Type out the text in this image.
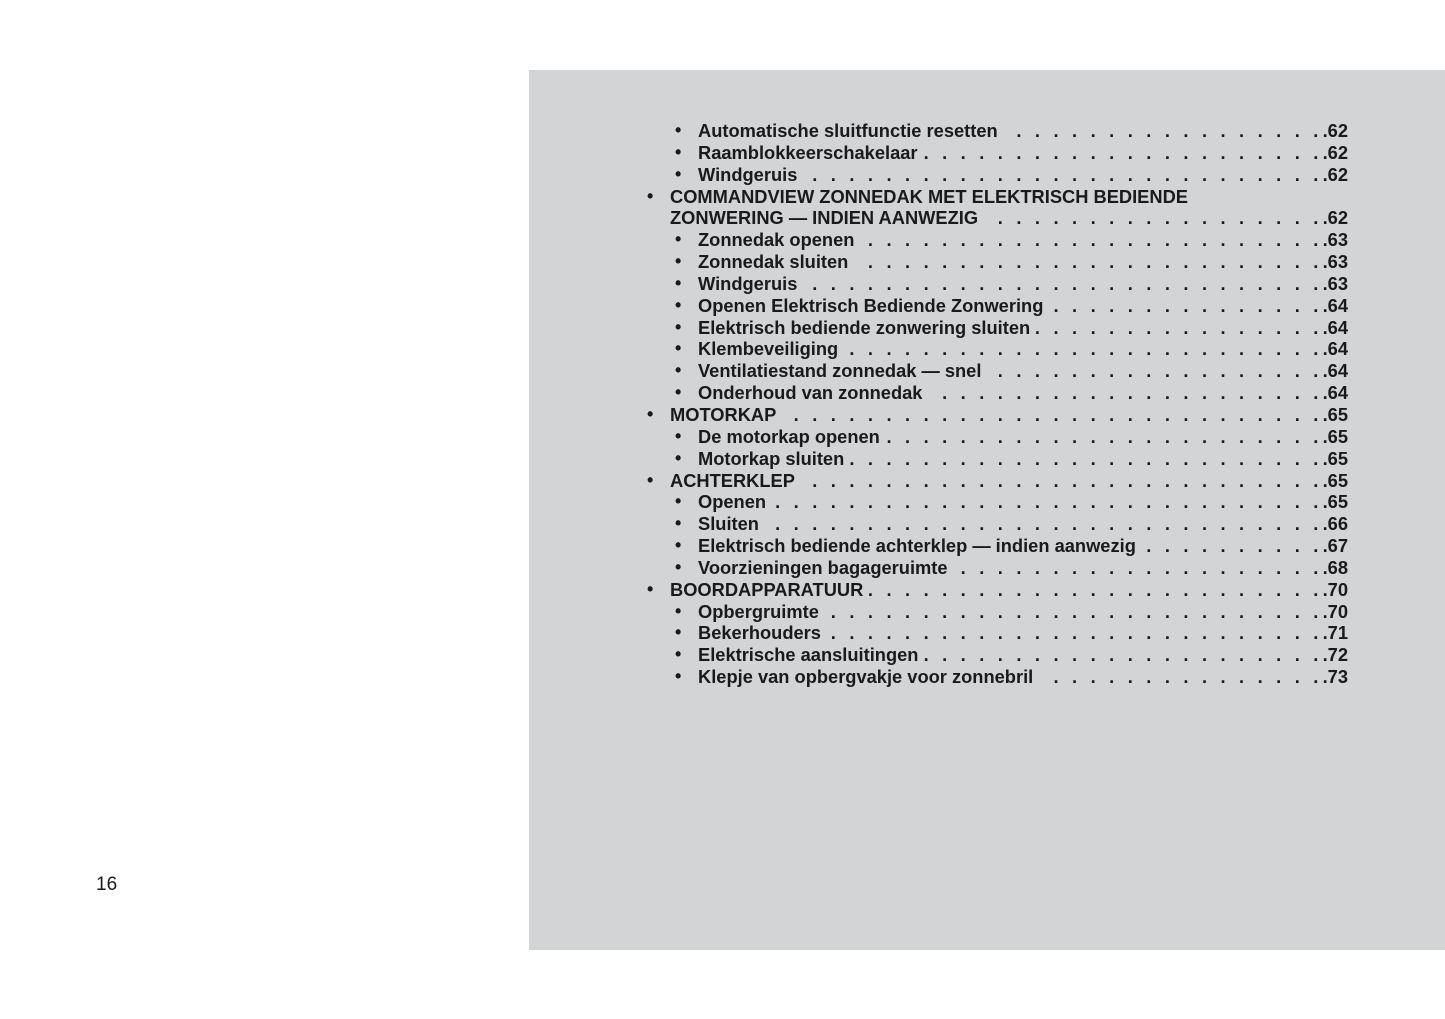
16
• Automatische sluitfunctie resetten . . .	.62
• Raamblokkeerschakelaar . . .	.62
• Windgeruis . . .	.62
• COMMANDVIEW ZONNEDAK MET ELEKTRISCH BEDIENDE
ZONWERING — INDIEN AANWEZIG . . .	.62
• Zonnedak openen . . .	.63
• Zonnedak sluiten . . .	.63
• Windgeruis . . .	.63
• Openen Elektrisch Bediende Zonwering . . .	.64
• Elektrisch bediende zonwering sluiten . . .	.64
• Klembeveiliging . . .	.64
• Ventilatiestand zonnedak — snel . . .	.64
• Onderhoud van zonnedak . . .	.64
• MOTORKAP . . .	.65
• De motorkap openen . . .	.65
• Motorkap sluiten . . .	.65
• ACHTERKLEP . . .	.65
• Openen . . .	.65
• Sluiten . . .	.66
• Elektrisch bediende achterklep — indien aanwezig . . .	.67
• Voorzieningen bagageruimte . . .	.68
• BOORDAPPARATUUR . . .	.70
• Opbergruimte . . .	.70
• Bekerhouders . . .	.71
• Elektrische aansluitingen . . .	.72
• Klepje van opbergvakje voor zonnebril . . .	.73
